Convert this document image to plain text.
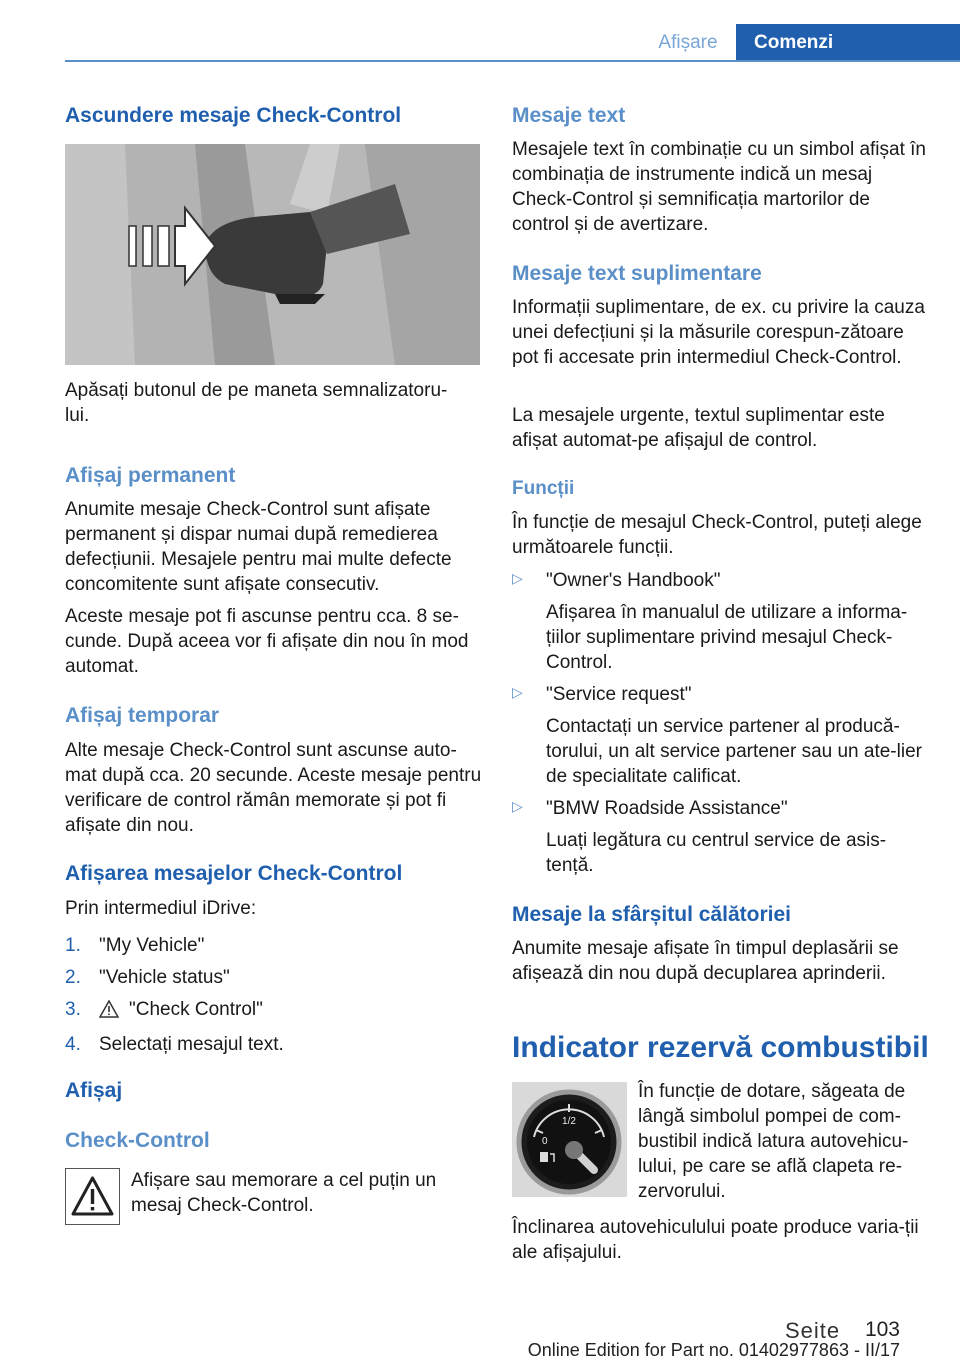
Afișare	Comenzi
Ascundere mesaje Check-Control

Apăsați butonul de pe maneta semnalizatoru-
lui.

Afișaj permanent

Anumite mesaje Check-Control sunt afișate permanent și dispar numai după remedierea defecțiunii. Mesajele pentru mai multe defecte concomitente sunt afișate consecutiv.

Aceste mesaje pot fi ascunse pentru cca. 8 se-cunde. După aceea vor fi afișate din nou în mod automat.

Afișaj temporar

Alte mesaje Check-Control sunt ascunse auto-mat după cca. 20 secunde. Aceste mesaje pentru verificare de control rămân memorate și pot fi afișate din nou.

Afișarea mesajelor Check-Control

Prin intermediul iDrive:

1. "My Vehicle"
2. "Vehicle status"
3.	"Check Control"
4. Selectați mesajul text.
Afișaj
Check-Control

Afișare sau memorare a cel puțin un mesaj Check-Control.

Mesaje text

Mesajele text în combinație cu un simbol afișat în combinația de instrumente indică un mesaj Check-Control și semnificația martorilor de control și de avertizare.

Mesaje text suplimentare

Informații suplimentare, de ex. cu privire la cauza unei defecțiuni și la măsurile corespun-zătoare pot fi accesate prin intermediul Check-Control.

La mesajele urgente, textul suplimentar este afișat automat-pe afișajul de control.

Funcții

În funcție de mesajul Check-Control, puteți alege următoarele funcții.

▷ "Owner's Handbook"

Afișarea în manualul de utilizare a informa-țiilor suplimentare privind mesajul Check-Control.

▷ "Service request"

Contactați un service partener al producă-torului, un alt service partener sau un ate-lier de specialitate calificat.

▷ "BMW Roadside Assistance"

Luați legătura cu centrul service de asis-tență.

Mesaje la sfârșitul călătoriei

Anumite mesaje afișate în timpul deplasării se afișează din nou după decuplarea aprinderii.

Indicator rezervă combustibil
1/2
0

În funcție de dotare, săgeata de lângă simbolul pompei de com-bustibil indică latura autovehicu-lului, pe care se află clapeta re-zervorului.

Înclinarea autovehiculului poate produce varia-ții ale afișajului.

Seite	103
Online Edition for Part no. 01402977863 - II/17
